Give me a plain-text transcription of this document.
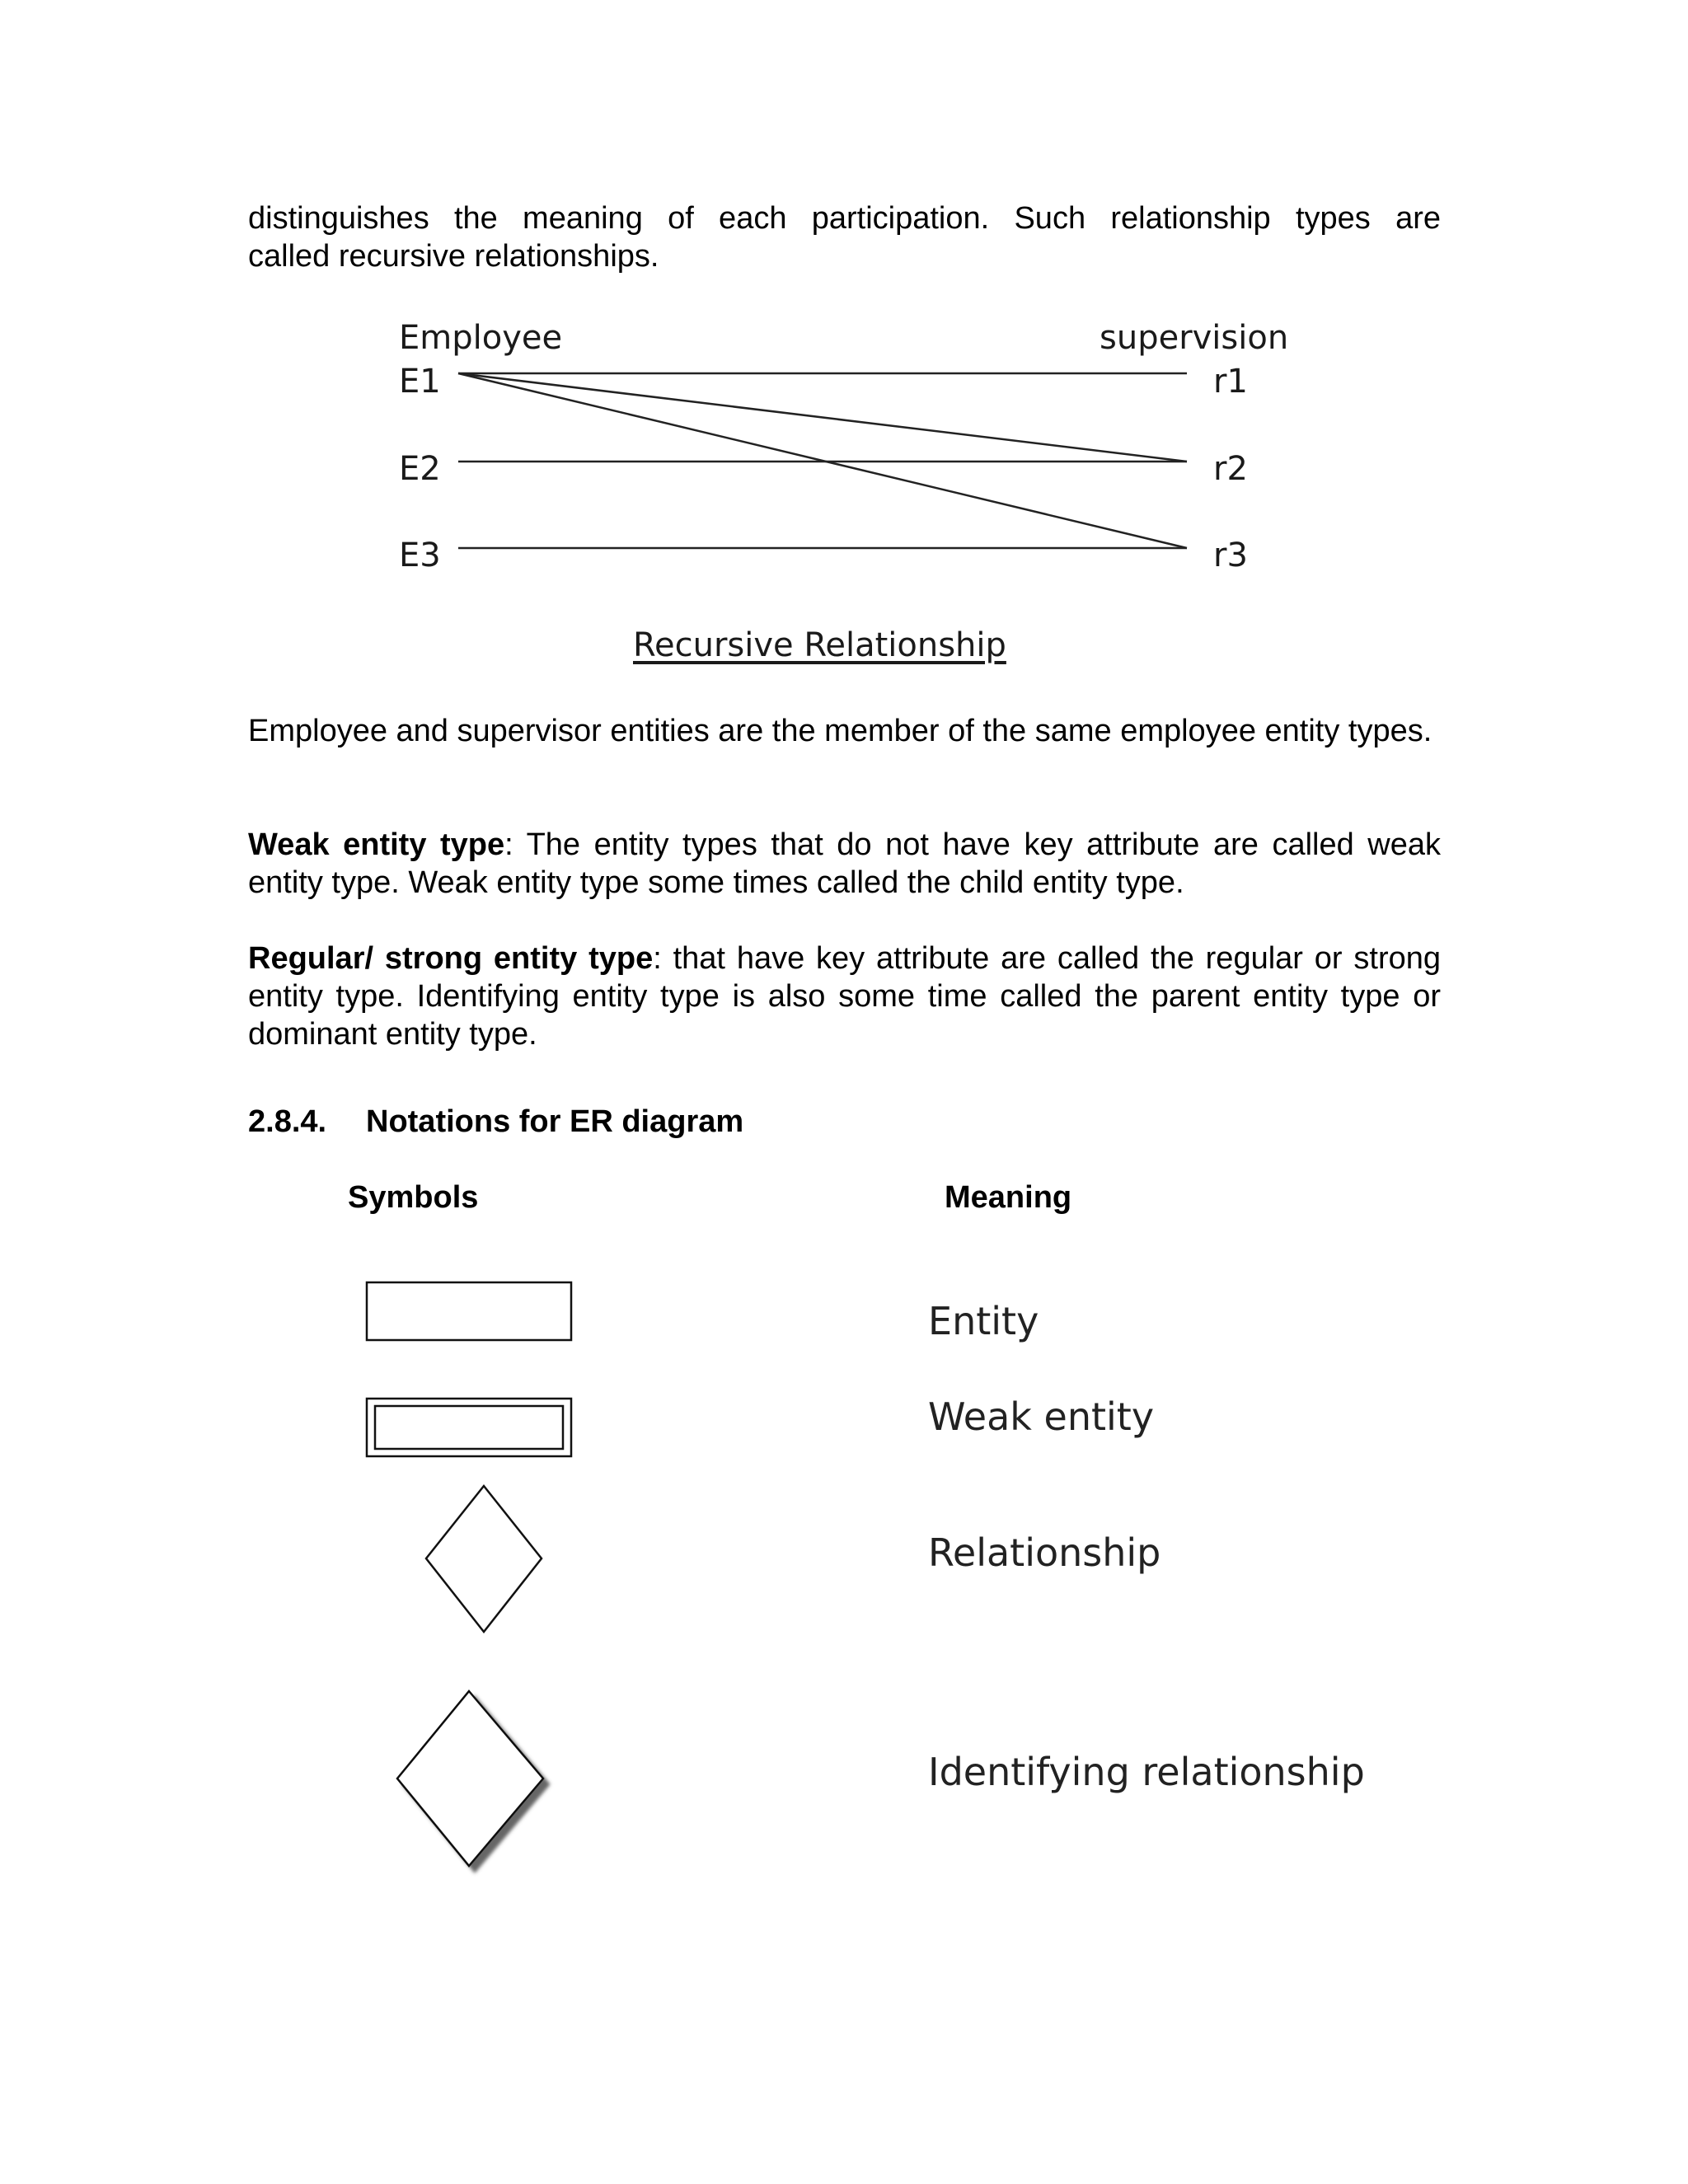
distinguishes the meaning of each participation. Such relationship types are
called recursive relationships.

Employee	supervision
E1
E2
E3
r1
r2
r3
Recursive Relationship

Employee and supervisor entities are the member of the same employee entity types.

Weak entity type: The entity types that do not have key attribute are called weak entity type. Weak entity type some times called the child entity type.

Regular/ strong entity type: that have key attribute are called the regular or strong entity type. Identifying entity type is also some time called the parent entity type or dominant entity type.

2.8.4. Notations for ER diagram
Symbols	Meaning
Entity
Weak entity
Relationship
Identifying relationship
